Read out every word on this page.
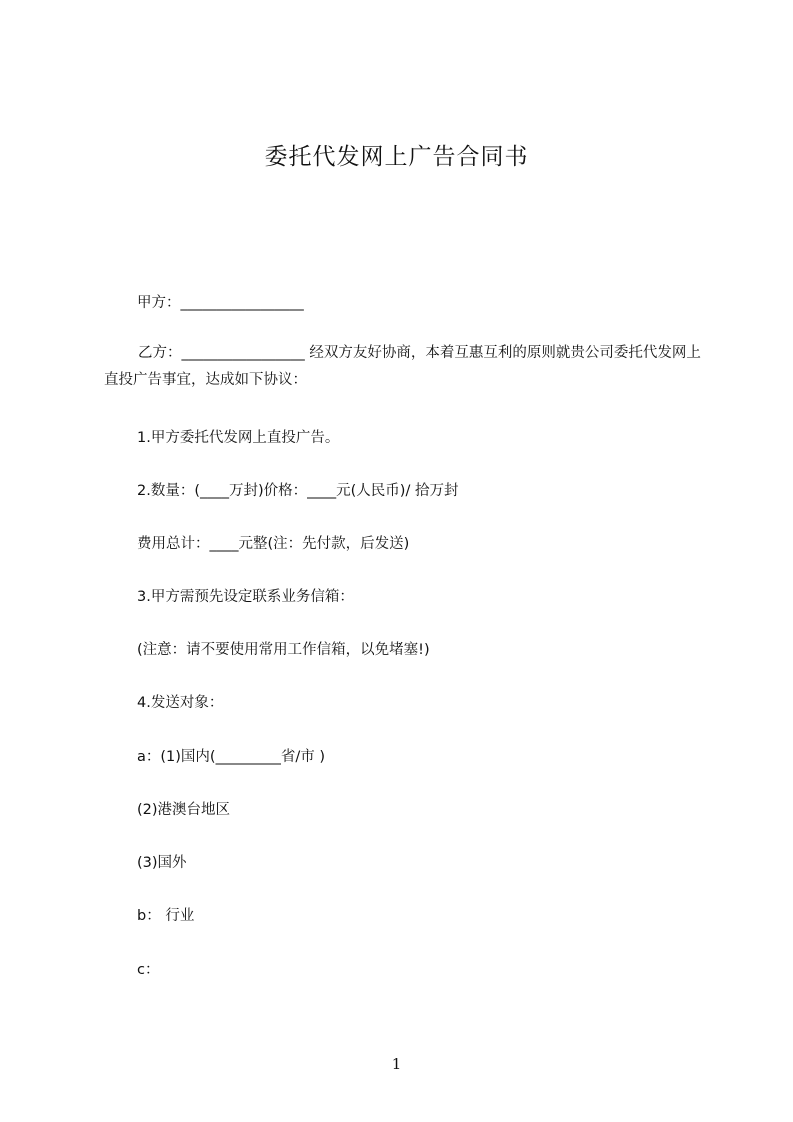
委托代发网上广告合同书
甲方：_________________
乙方：_________________ 经双方友好协商，本着互惠互利的原则就贵公司委托代发网上直投广告事宜，达成如下协议：
1.甲方委托代发网上直投广告。
2.数量：(____万封)价格：____元(人民币)/ 拾万封
费用总计：____元整(注：先付款，后发送)
3.甲方需预先设定联系业务信箱：
(注意：请不要使用常用工作信箱，以免堵塞!)
4.发送对象：
a：(1)国内(_________省/市 )
(2)港澳台地区
(3)国外
b： 行业
c：
1
